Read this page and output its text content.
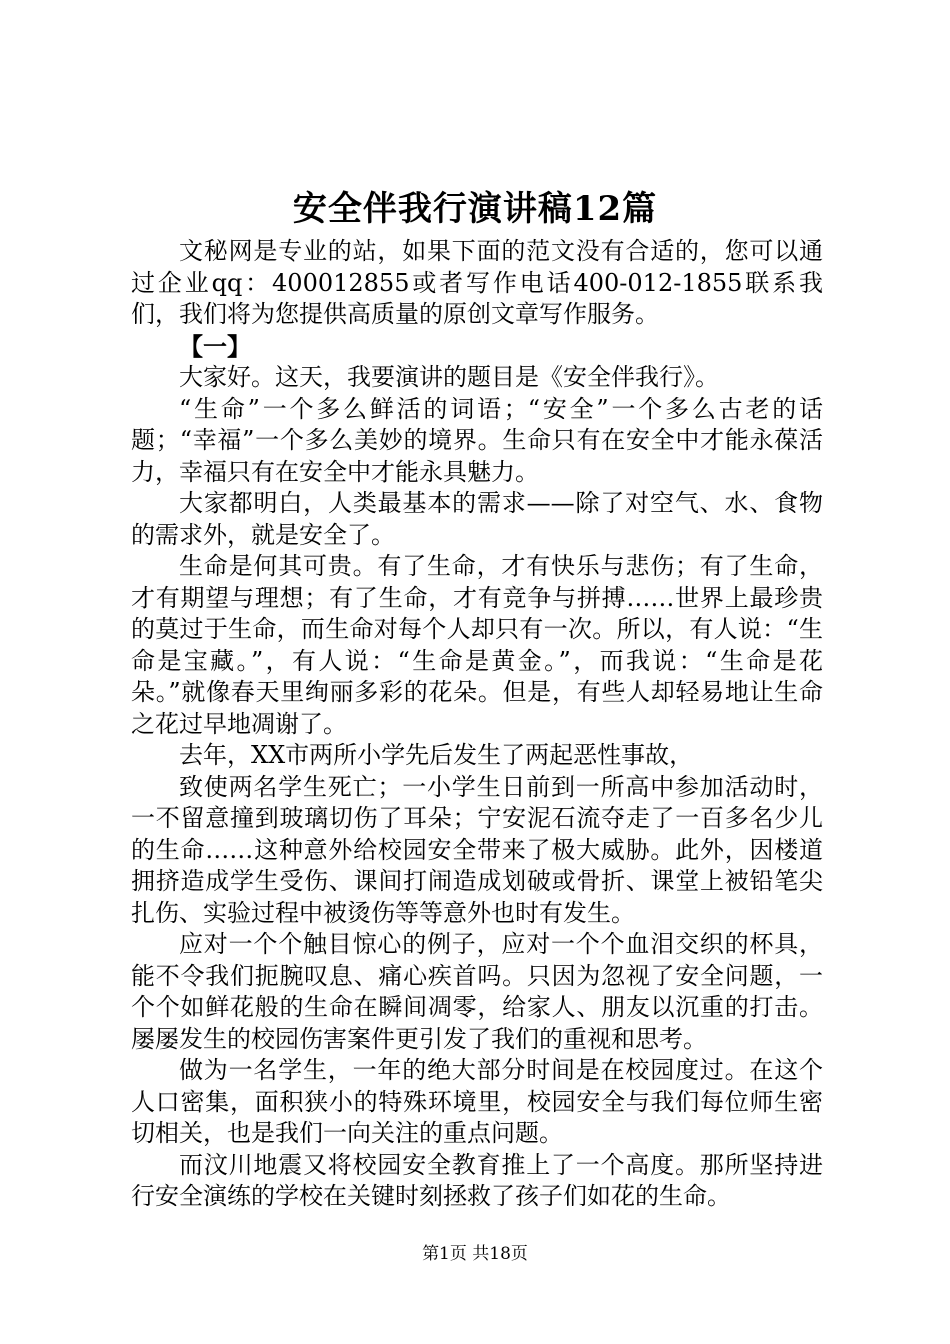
安全伴我行演讲稿12篇

文秘网是专业的站，如果下面的范文没有合适的，您可以通过企业qq：400012855或者写作电话400-012-1855联系我们，我们将为您提供高质量的原创文章写作服务。

【一】

大家好。这天，我要演讲的题目是《安全伴我行》。

“生命”一个多么鲜活的词语；“安全”一个多么古老的话题；“幸福”一个多么美妙的境界。生命只有在安全中才能永葆活力，幸福只有在安全中才能永具魅力。

大家都明白，人类最基本的需求——除了对空气、水、食物的需求外，就是安全了。

生命是何其可贵。有了生命，才有快乐与悲伤；有了生命，才有期望与理想；有了生命，才有竞争与拼搏……世界上最珍贵的莫过于生命，而生命对每个人却只有一次。所以，有人说：“生命是宝藏。”，有人说：“生命是黄金。”，而我说：“生命是花朵。”就像春天里绚丽多彩的花朵。但是，有些人却轻易地让生命之花过早地凋谢了。

去年，XX市两所小学先后发生了两起恶性事故，

致使两名学生死亡；一小学生日前到一所高中参加活动时，一不留意撞到玻璃切伤了耳朵；宁安泥石流夺走了一百多名少儿的生命……这种意外给校园安全带来了极大威胁。此外，因楼道拥挤造成学生受伤、课间打闹造成划破或骨折、课堂上被铅笔尖扎伤、实验过程中被烫伤等等意外也时有发生。

应对一个个触目惊心的例子，应对一个个血泪交织的杯具，能不令我们扼腕叹息、痛心疾首吗。只因为忽视了安全问题，一个个如鲜花般的生命在瞬间凋零，给家人、朋友以沉重的打击。屡屡发生的校园伤害案件更引发了我们的重视和思考。

做为一名学生，一年的绝大部分时间是在校园度过。在这个人口密集，面积狭小的特殊环境里，校园安全与我们每位师生密切相关，也是我们一向关注的重点问题。

而汶川地震又将校园安全教育推上了一个高度。那所坚持进行安全演练的学校在关键时刻拯救了孩子们如花的生命。

第1页 共18页
